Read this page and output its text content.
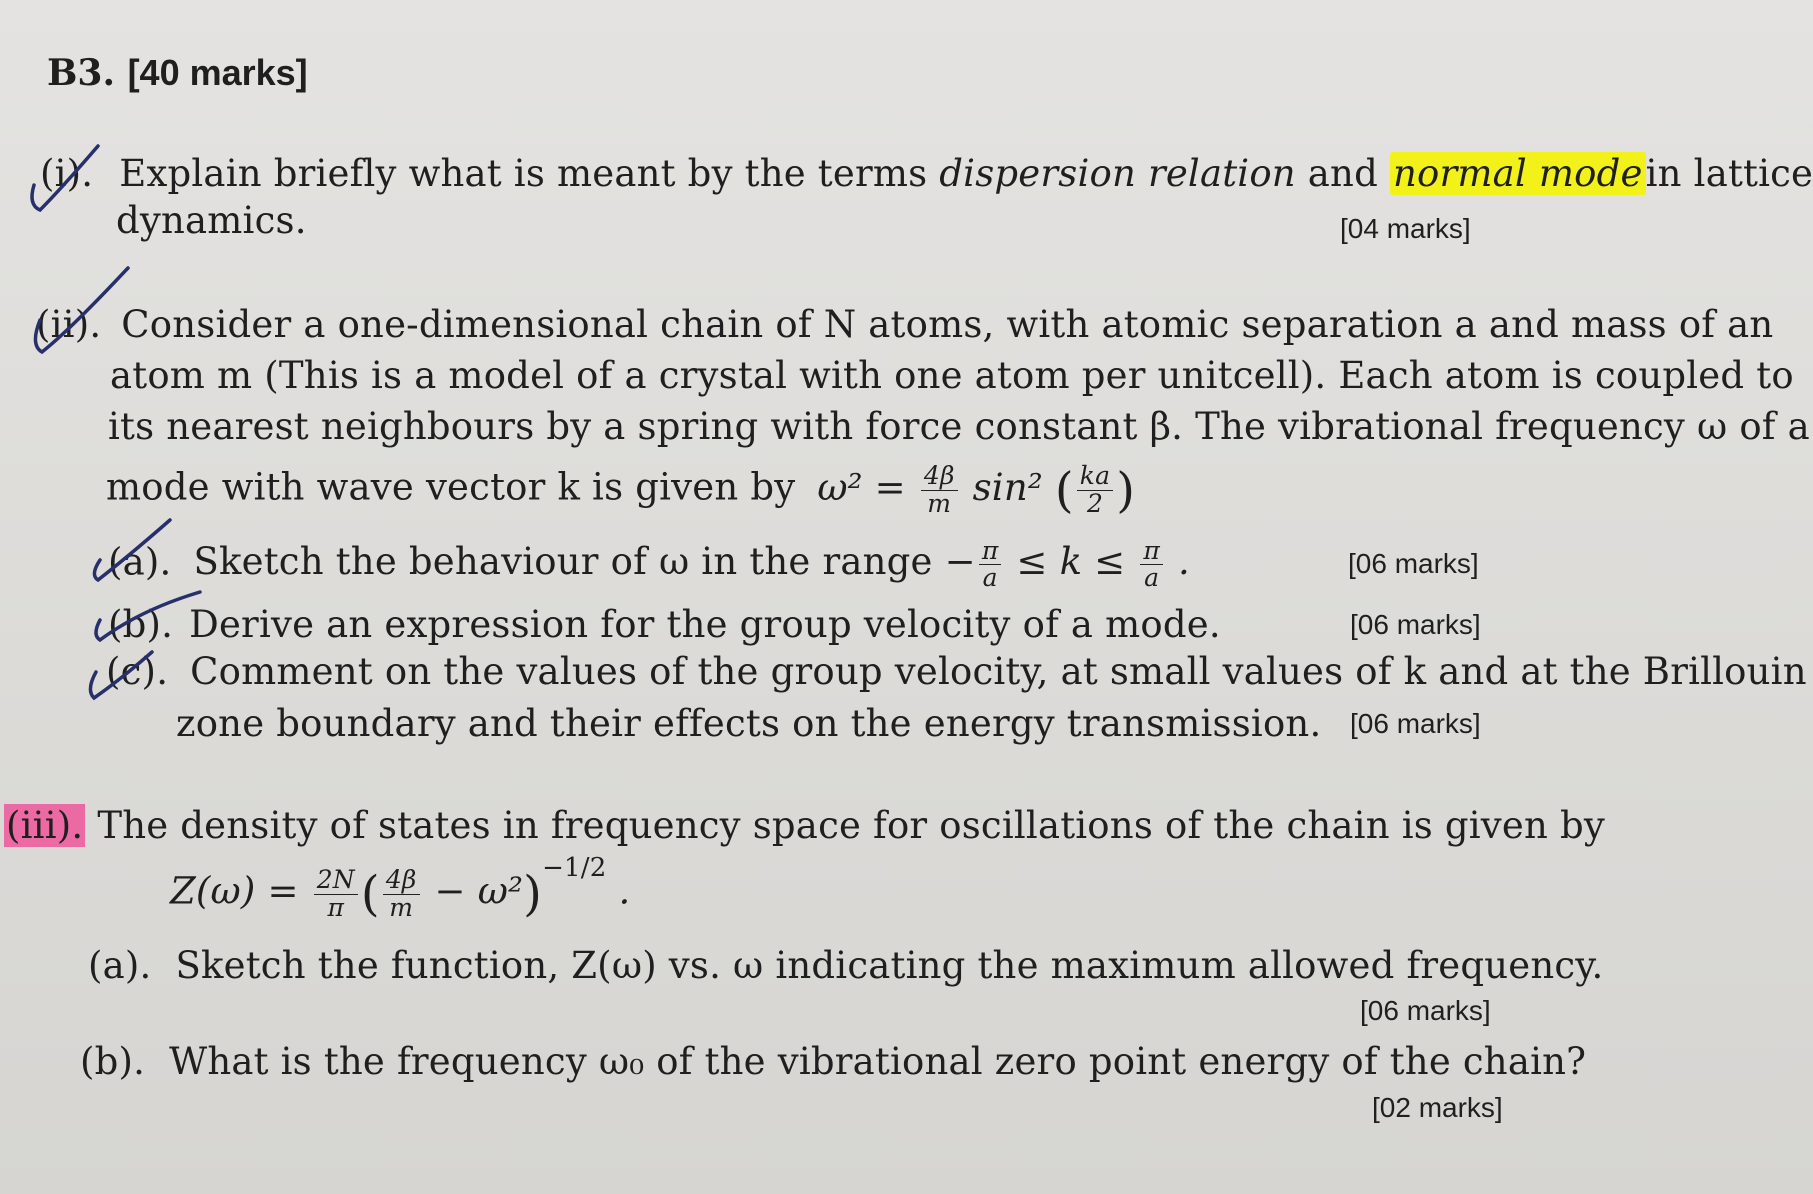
B3. [40 marks]
(i). Explain briefly what is meant by the terms dispersion relation and normal modein lattice
dynamics.	[04 marks]
(ii). Consider a one-dimensional chain of N atoms, with atomic separation a and mass of an
atom m (This is a model of a crystal with one atom per unitcell). Each atom is coupled to
its nearest neighbours by a spring with force constant β. The vibrational frequency ω of a
mode with wave vector k is given by $\omega^2 = \frac{4\beta}{m} \sin^2$ ( $\frac{ka}{2}$ )
(a). Sketch the behaviour of ω in the range − $\frac{\pi}{a} \le k \le \frac{\pi}{a}$ .	[06 marks]
(b). Derive an expression for the group velocity of a mode.	[06 marks]
(c). Comment on the values of the group velocity, at small values of k and at the Brillouin
zone boundary and their effects on the energy transmission. [06 marks]
(iii). The density of states in frequency space for oscillations of the chain is given by
$Z(\omega) = \frac{2N}{\pi}$ ( $\frac{4\beta}{m} - \omega^2)^{-1/2}$ .
(a). Sketch the function, Z(ω) vs. ω indicating the maximum allowed frequency.
[06 marks]
(b). What is the frequency ω₀ of the vibrational zero point energy of the chain?
[02 marks]
